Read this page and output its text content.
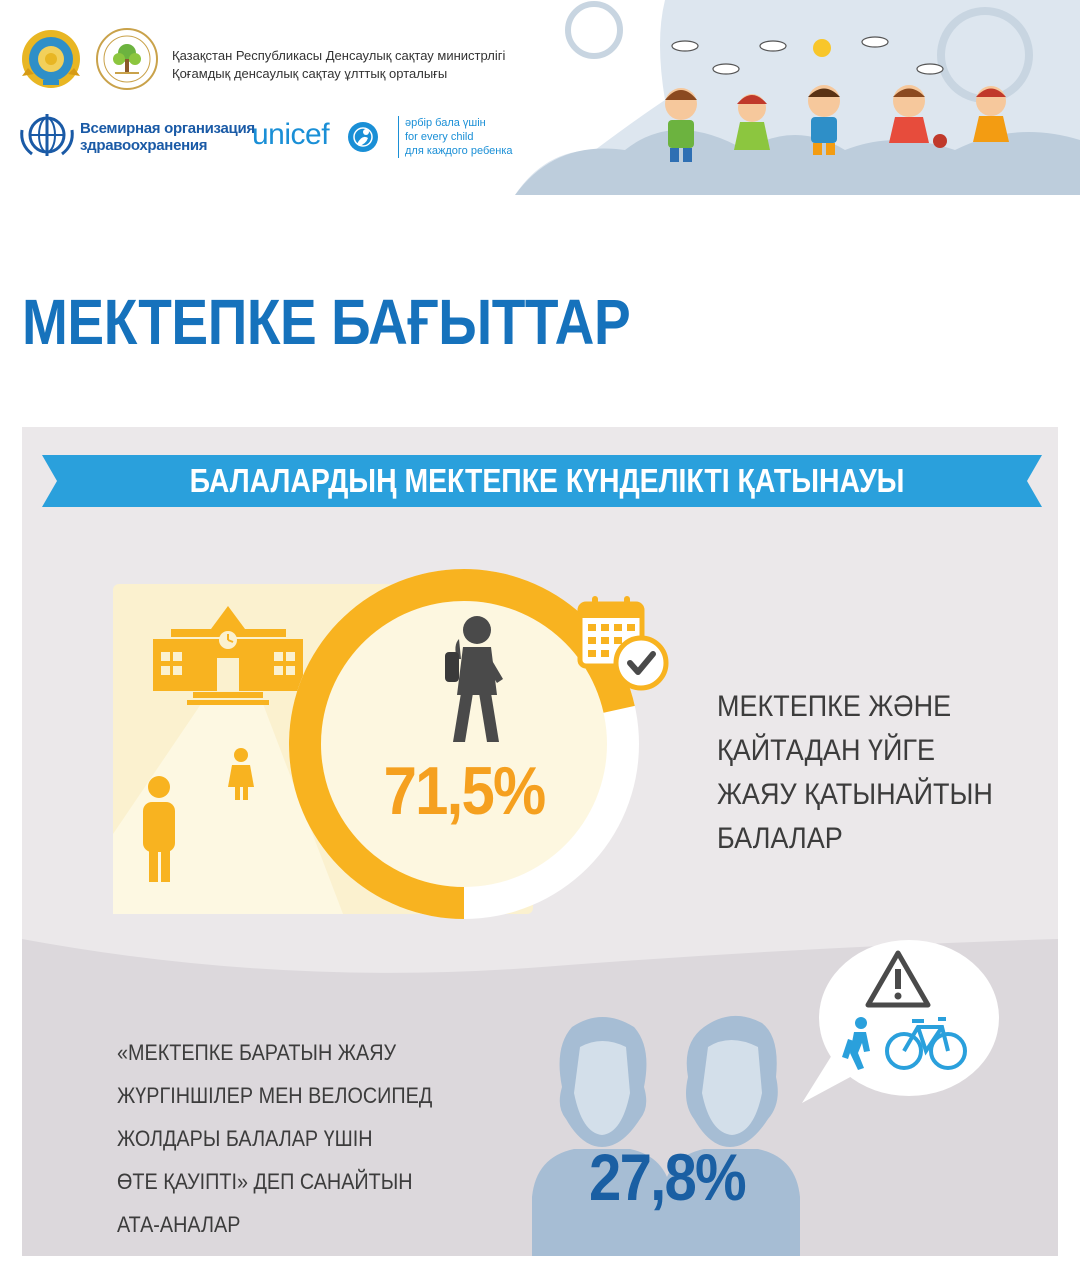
Қазақстан Республикасы Денсаулық сақтау министрлігі
Қоғамдық денсаулық сақтау ұлттық орталығы
Всемирная организация
здравоохранения	unicef	әрбір бала үшін
for every child
для каждого ребенка
МЕКТЕПКЕ БАҒЫТТАР
БАЛАЛАРДЫҢ МЕКТЕПКЕ КҮНДЕЛІКТІ ҚАТЫНАУЫ
71,5%
МЕКТЕПКЕ ЖӘНЕ
ҚАЙТАДАН ҮЙГЕ
ЖАЯУ ҚАТЫНАЙТЫН
БАЛАЛАР
«МЕКТЕПКЕ БАРАТЫН ЖАЯУ
ЖҮРГІНШІЛЕР МЕН ВЕЛОСИПЕД
ЖОЛДАРЫ БАЛАЛАР ҮШІН
ӨТЕ ҚАУІПТІ» ДЕП САНАЙТЫН
АТА-АНАЛАР
27,8%
